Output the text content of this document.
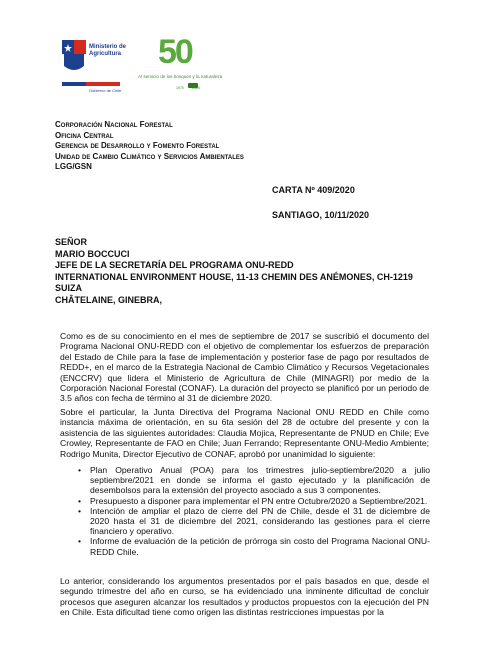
Ministerio de
Agricultura
Gobierno de Chile
50
Al servicio de los bosques y la naturaleza
1970        2020
Corporación Nacional Forestal
Oficina Central
Gerencia de Desarrollo y Fomento Forestal
Unidad de Cambio Climático y Servicios Ambientales
LGG/GSN
CARTA Nº 409/2020
SANTIAGO, 10/11/2020
SEÑOR
MARIO BOCCUCI
JEFE DE LA SECRETARÍA DEL PROGRAMA ONU-REDD
INTERNATIONAL ENVIRONMENT HOUSE, 11-13 CHEMIN DES ANÉMONES, CH-1219
SUIZA
CHÂTELAINE, GINEBRA,
Como es de su conocimiento en el mes de septiembre de 2017 se suscribió el documento del Programa Nacional ONU-REDD con el objetivo de complementar los esfuerzos de preparación del Estado de Chile para la fase de implementación y posterior fase de pago por resultados de REDD+, en el marco de la Estrategia Nacional de Cambio Climático y Recursos Vegetacionales (ENCCRV) que lidera el Ministerio de Agricultura de Chile (MINAGRI) por medio de la Corporación Nacional Forestal (CONAF). La duración del proyecto se planificó por un periodo de 3.5 años con fecha de término al 31 de diciembre 2020.
Sobre el particular, la Junta Directiva del Programa Nacional ONU REDD en Chile como instancia máxima de orientación, en su 6ta sesión del 28 de octubre del presente y con la asistencia de las siguientes autoridades: Claudia Mojica, Representante de PNUD en Chile; Eve Crowley, Representante de FAO en Chile; Juan Ferrando; Representante ONU-Medio Ambiente; Rodrigo Munita, Director Ejecutivo de CONAF, aprobó por unanimidad lo siguiente:
• Plan Operativo Anual (POA) para los trimestres julio-septiembre/2020 a julio septiembre/2021 en donde se informa el gasto ejecutado y la planificación de desembolsos para la extensión del proyecto asociado a sus 3 componentes.
• Presupuesto a disponer para implementar el PN entre Octubre/2020 a Septiembre/2021.
• Intención de ampliar el plazo de cierre del PN de Chile, desde el 31 de diciembre de 2020 hasta el 31 de diciembre del 2021, considerando las gestiones para el cierre financiero y operativo.
• Informe de evaluación de la petición de prórroga sin costo del Programa Nacional ONU-REDD Chile.
Lo anterior, considerando los argumentos presentados por el país basados en que, desde el segundo trimestre del año en curso, se ha evidenciado una inminente dificultad de concluir procesos que aseguren alcanzar los resultados y productos propuestos con la ejecución del PN en Chile. Esta dificultad tiene como origen las distintas restricciones impuestas por la
